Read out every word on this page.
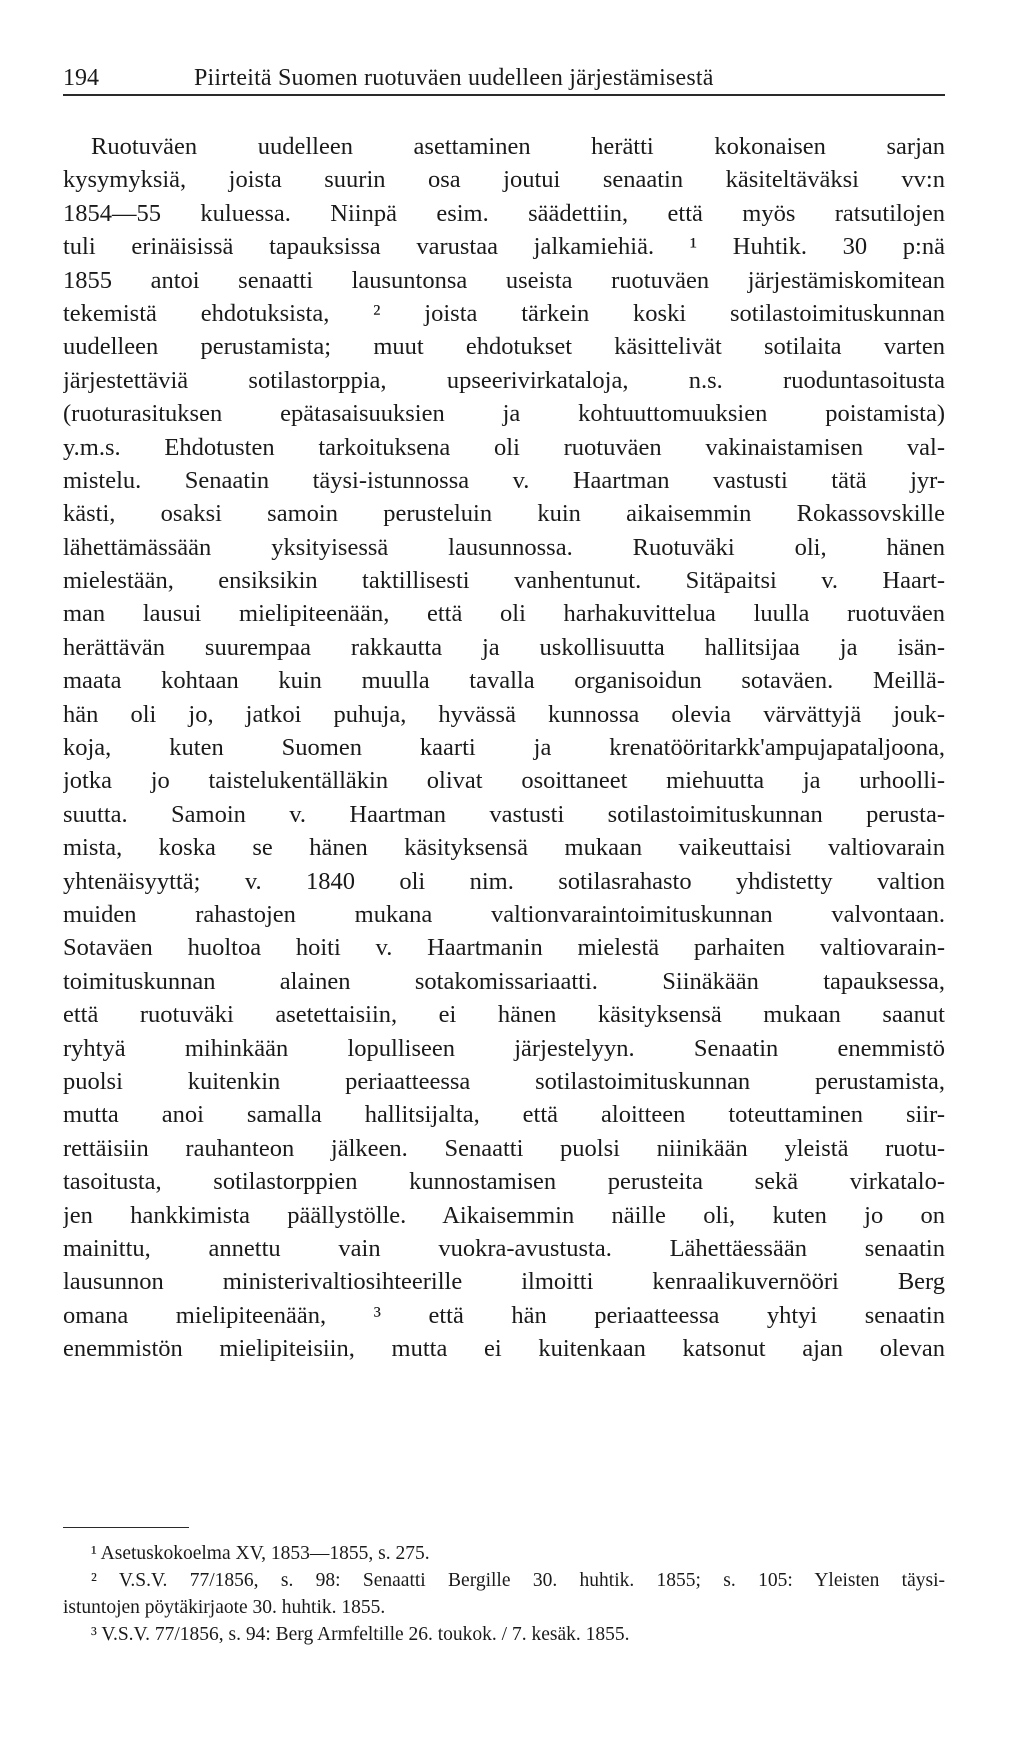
194	Piirteitä Suomen ruotuväen uudelleen järjestämisestä
Ruotuväen uudelleen asettaminen herätti kokonaisen sarjan
kysymyksiä, joista suurin osa joutui senaatin käsiteltäväksi vv:n
1854—55 kuluessa. Niinpä esim. säädettiin, että myös ratsutilojen
tuli erinäisissä tapauksissa varustaa jalkamiehiä. ¹ Huhtik. 30 p:nä
1855 antoi senaatti lausuntonsa useista ruotuväen järjestämiskomitean
tekemistä ehdotuksista, ² joista tärkein koski sotilastoimituskunnan
uudelleen perustamista; muut ehdotukset käsittelivät sotilaita varten
järjestettäviä sotilastorppia, upseerivirkataloja, n.s. ruoduntasoitusta
(ruoturasituksen epätasaisuuksien ja kohtuuttomuuksien poistamista)
y.m.s. Ehdotusten tarkoituksena oli ruotuväen vakinaistamisen val-
mistelu. Senaatin täysi-istunnossa v. Haartman vastusti tätä jyr-
kästi, osaksi samoin perusteluin kuin aikaisemmin Rokassovskille
lähettämässään yksityisessä lausunnossa. Ruotuväki oli, hänen
mielestään, ensiksikin taktillisesti vanhentunut. Sitäpaitsi v. Haart-
man lausui mielipiteenään, että oli harhakuvittelua luulla ruotuväen
herättävän suurempaa rakkautta ja uskollisuutta hallitsijaa ja isän-
maata kohtaan kuin muulla tavalla organisoidun sotaväen. Meillä-
hän oli jo, jatkoi puhuja, hyvässä kunnossa olevia värvättyjä jouk-
koja, kuten Suomen kaarti ja krenatööritarkk'ampujapataljoona,
jotka jo taistelukentälläkin olivat osoittaneet miehuutta ja urhoolli-
suutta. Samoin v. Haartman vastusti sotilastoimituskunnan perusta-
mista, koska se hänen käsityksensä mukaan vaikeuttaisi valtiovarain
yhtenäisyyttä; v. 1840 oli nim. sotilasrahasto yhdistetty valtion
muiden rahastojen mukana valtionvaraintoimituskunnan valvontaan.
Sotaväen huoltoa hoiti v. Haartmanin mielestä parhaiten valtiovarain-
toimituskunnan alainen sotakomissariaatti. Siinäkään tapauksessa,
että ruotuväki asetettaisiin, ei hänen käsityksensä mukaan saanut
ryhtyä mihinkään lopulliseen järjestelyyn. Senaatin enemmistö
puolsi kuitenkin periaatteessa sotilastoimituskunnan perustamista,
mutta anoi samalla hallitsijalta, että aloitteen toteuttaminen siir-
rettäisiin rauhanteon jälkeen. Senaatti puolsi niinikään yleistä ruotu-
tasoitusta, sotilastorppien kunnostamisen perusteita sekä virkatalo-
jen hankkimista päällystölle. Aikaisemmin näille oli, kuten jo on
mainittu, annettu vain vuokra-avustusta. Lähettäessään senaatin
lausunnon ministerivaltiosihteerille ilmoitti kenraalikuvernööri Berg
omana mielipiteenään, ³ että hän periaatteessa yhtyi senaatin
enemmistön mielipiteisiin, mutta ei kuitenkaan katsonut ajan olevan
¹ Asetuskokoelma XV, 1853—1855, s. 275.
² V.S.V. 77/1856, s. 98: Senaatti Bergille 30. huhtik. 1855; s. 105: Yleisten täysi-
istuntojen pöytäkirjaote 30. huhtik. 1855.
³ V.S.V. 77/1856, s. 94: Berg Armfeltille 26. toukok. / 7. kesäk. 1855.
